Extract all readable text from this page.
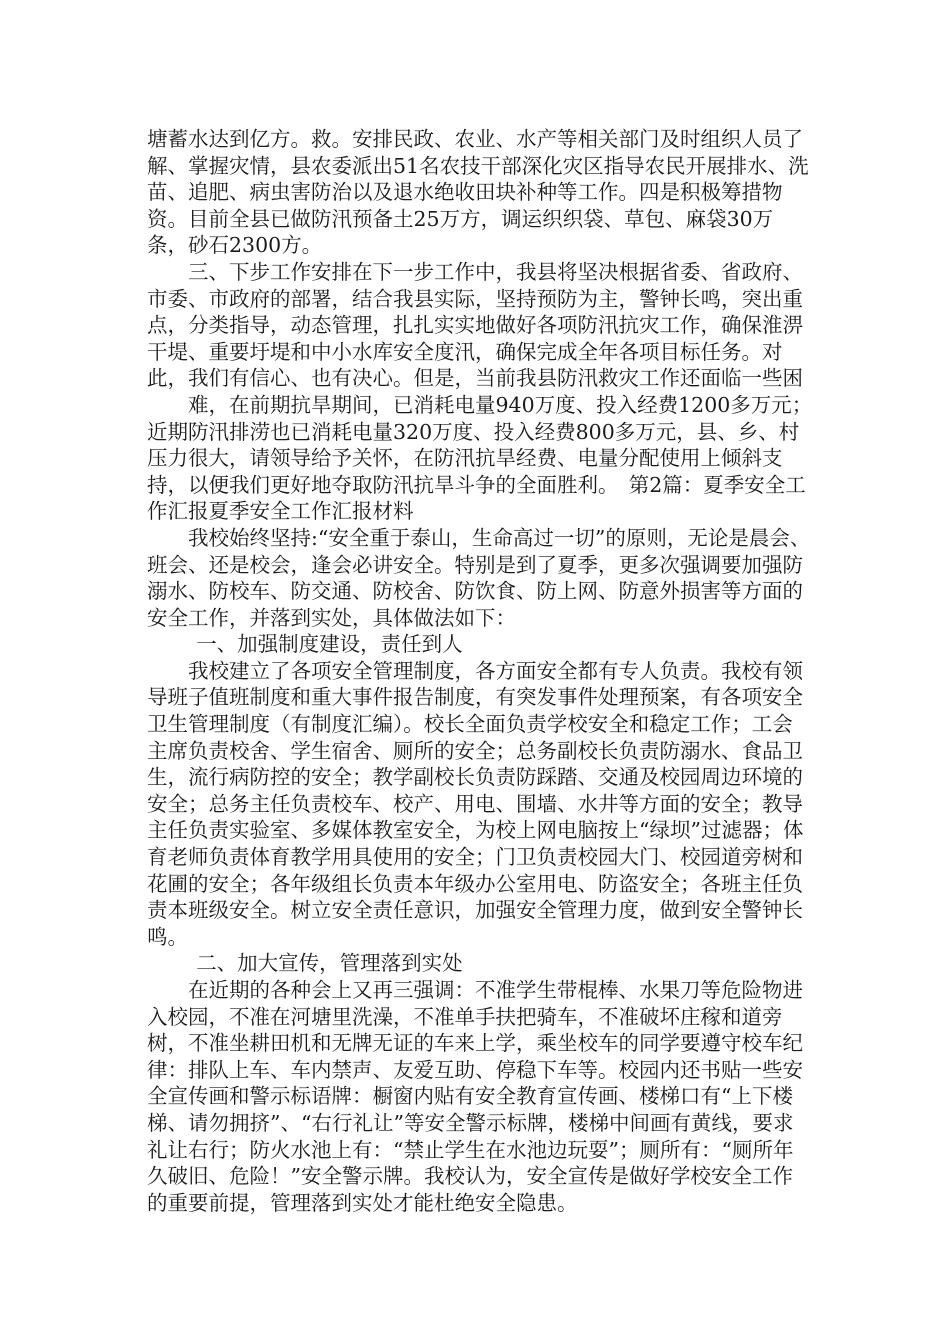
塘蓄水达到亿方。救。安排民政、农业、水产等相关部门及时组织人员了解、掌握灾情，县农委派出51名农技干部深化灾区指导农民开展排水、洗苗、追肥、病虫害防治以及退水绝收田块补种等工作。四是积极筹措物资。目前全县已做防汛预备土25万方，调运织织袋、草包、麻袋30万条，砂石2300方。

三、下步工作安排在下一步工作中，我县将坚决根据省委、省政府、市委、市政府的部署，结合我县实际，坚持预防为主，警钟长鸣，突出重点，分类指导，动态管理，扎扎实实地做好各项防汛抗灾工作，确保淮淠干堤、重要圩堤和中小水库安全度汛，确保完成全年各项目标任务。对此，我们有信心、也有决心。但是，当前我县防汛救灾工作还面临一些困

难，在前期抗旱期间，已消耗电量940万度、投入经费1200多万元；近期防汛排涝也已消耗电量320万度、投入经费800多万元，县、乡、村压力很大，请领导给予关怀，在防汛抗旱经费、电量分配使用上倾斜支持，以便我们更好地夺取防汛抗旱斗争的全面胜利。　第2篇：夏季安全工作汇报夏季安全工作汇报材料

我校始终坚持:“安全重于泰山，生命高过一切”的原则，无论是晨会、班会、还是校会，逢会必讲安全。特别是到了夏季，更多次强调要加强防溺水、防校车、防交通、防校舍、防饮食、防上网、防意外损害等方面的安全工作，并落到实处，具体做法如下：

一、加强制度建设，责任到人

我校建立了各项安全管理制度，各方面安全都有专人负责。我校有领导班子值班制度和重大事件报告制度，有突发事件处理预案，有各项安全卫生管理制度（有制度汇编）。校长全面负责学校安全和稳定工作；工会主席负责校舍、学生宿舍、厕所的安全；总务副校长负责防溺水、食品卫生，流行病防控的安全；教学副校长负责防踩踏、交通及校园周边环境的安全；总务主任负责校车、校产、用电、围墙、水井等方面的安全；教导主任负责实验室、多媒体教室安全，为校上网电脑按上“绿坝”过滤器；体育老师负责体育教学用具使用的安全；门卫负责校园大门、校园道旁树和花圃的安全；各年级组长负责本年级办公室用电、防盗安全；各班主任负责本班级安全。树立安全责任意识，加强安全管理力度，做到安全警钟长鸣。

二、加大宣传，管理落到实处

在近期的各种会上又再三强调：不准学生带棍棒、水果刀等危险物进入校园，不准在河塘里洗澡，不准单手扶把骑车，不准破坏庄稼和道旁树，不准坐耕田机和无牌无证的车来上学，乘坐校车的同学要遵守校车纪律：排队上车、车内禁声、友爱互助、停稳下车等。校园内还书贴一些安全宣传画和警示标语牌：橱窗内贴有安全教育宣传画、楼梯口有“上下楼梯、请勿拥挤”、“右行礼让”等安全警示标牌，楼梯中间画有黄线，要求礼让右行；防火水池上有：“禁止学生在水池边玩耍”；厕所有：“厕所年久破旧、危险！”安全警示牌。我校认为，安全宣传是做好学校安全工作的重要前提，管理落到实处才能杜绝安全隐患。
